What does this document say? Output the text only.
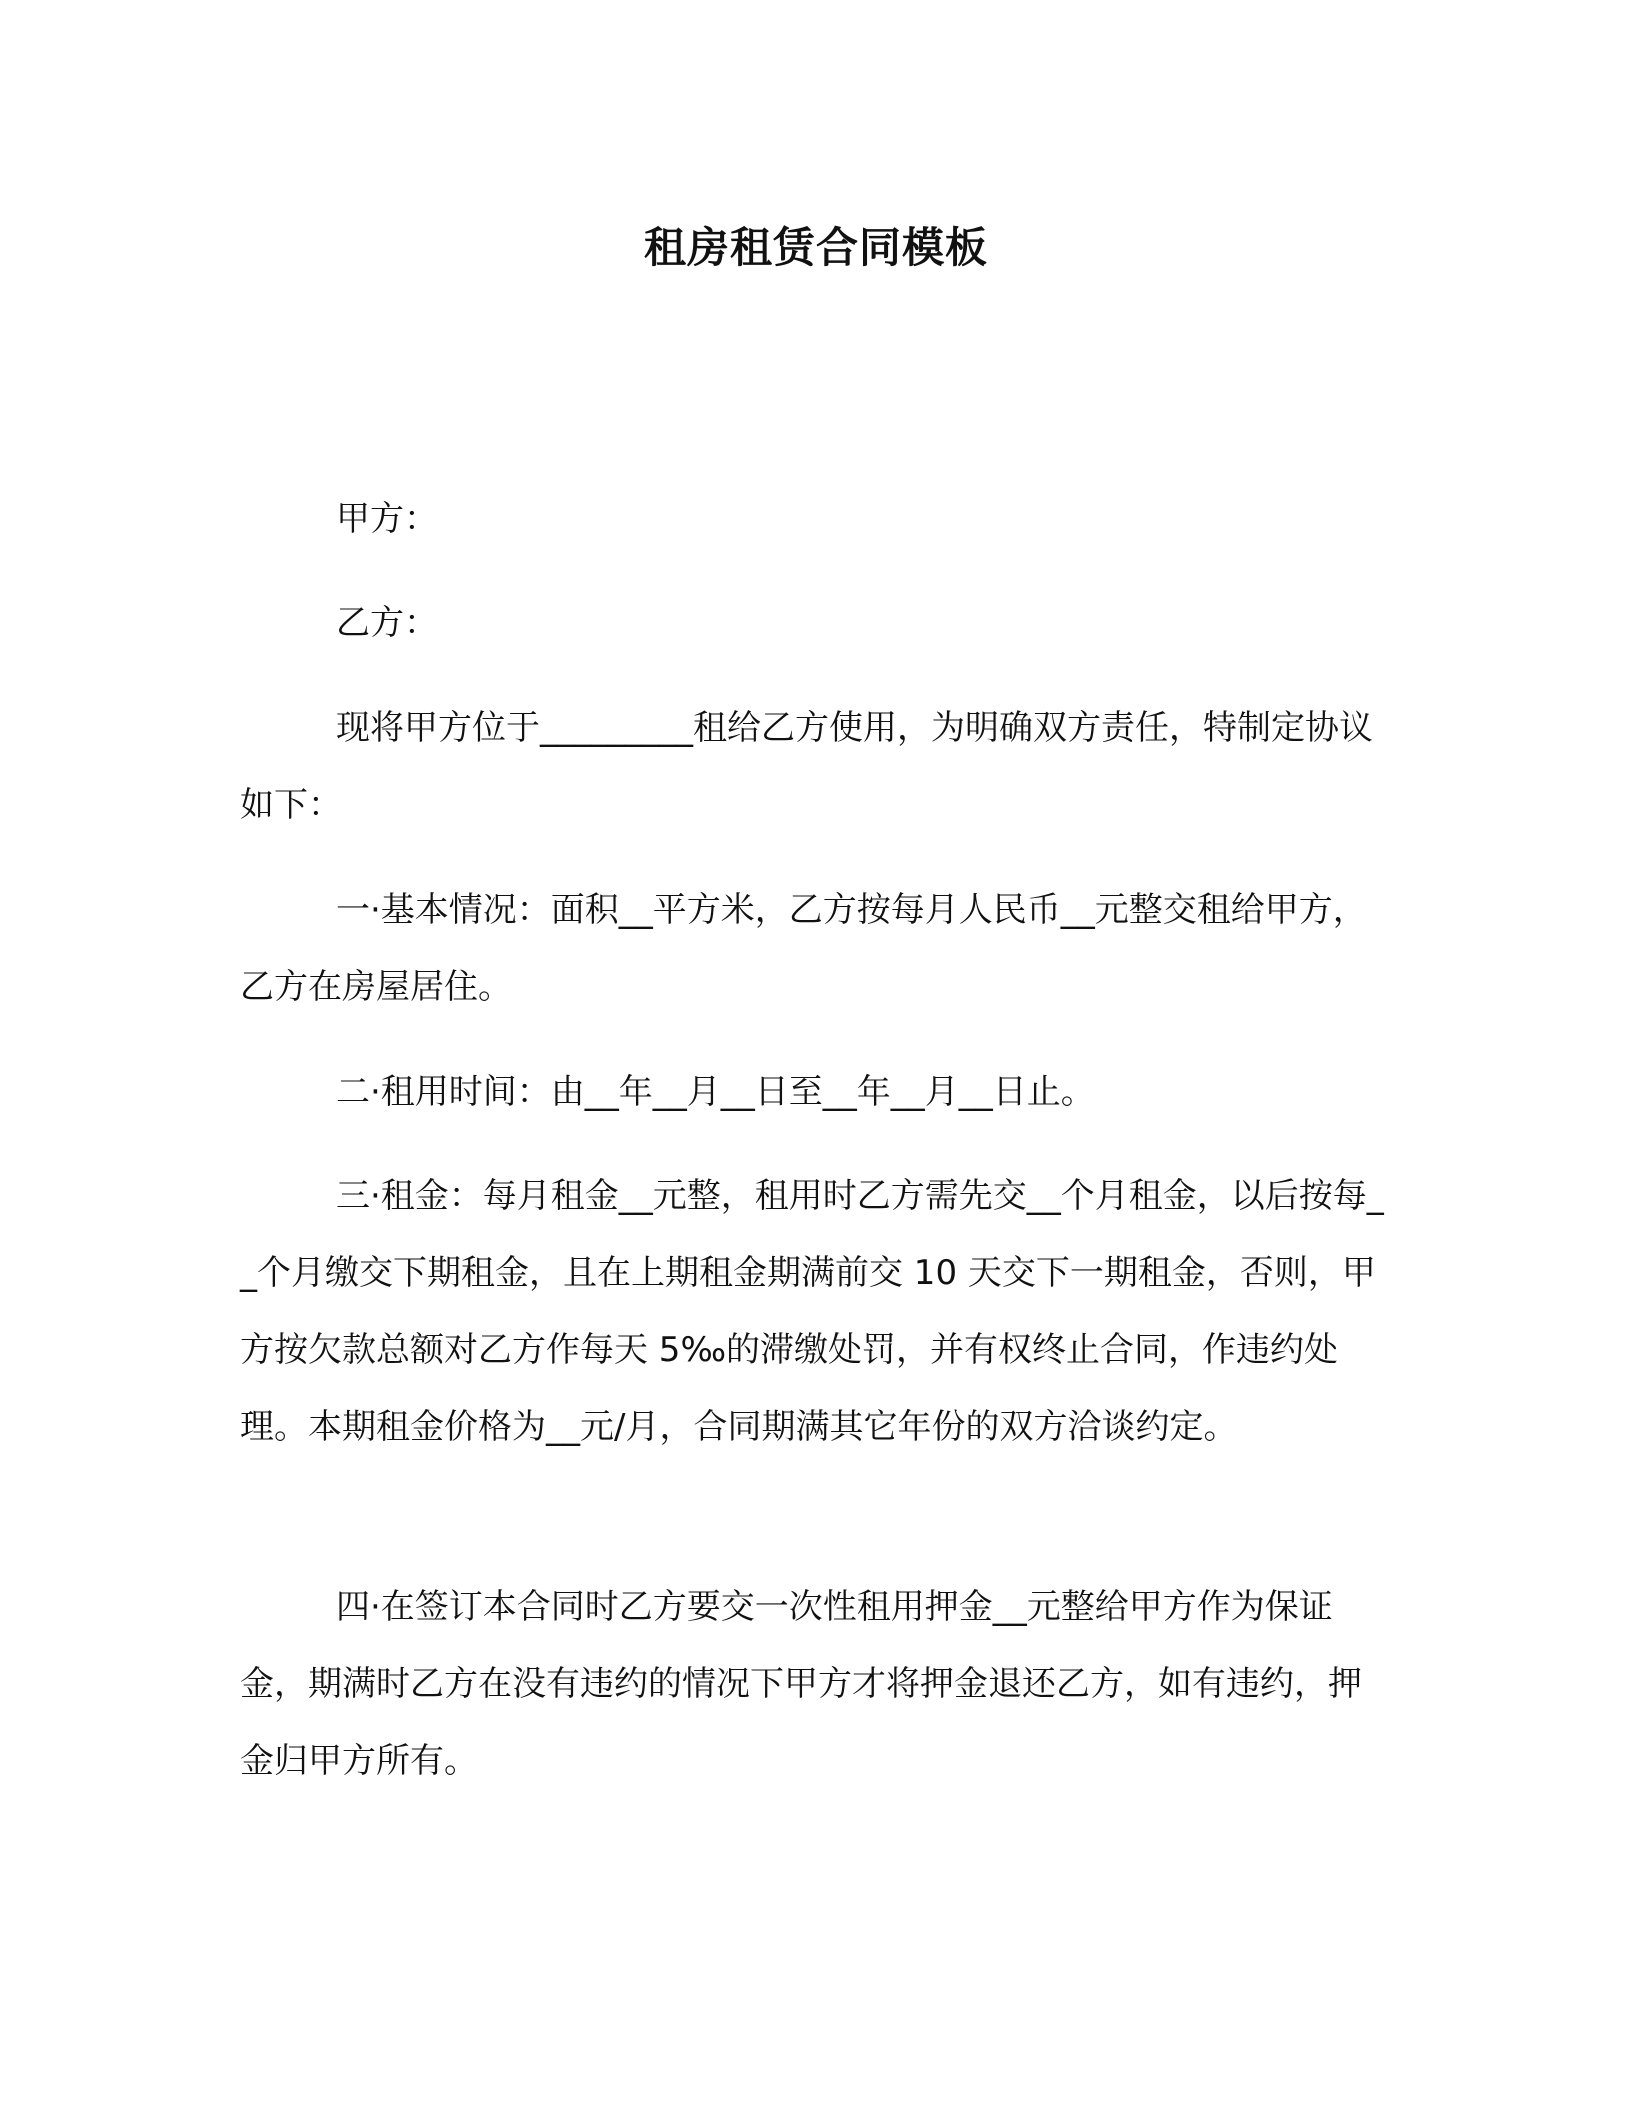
租房租赁合同模板

甲方：

乙方：

现将甲方位于_________租给乙方使用，为明确双方责任，特制定协议如下：

一·基本情况：面积__平方米，乙方按每月人民币__元整交租给甲方，乙方在房屋居住。

二·租用时间：由__年__月__日至__年__月__日止。

三·租金：每月租金__元整，租用时乙方需先交__个月租金，以后按每__个月缴交下期租金，且在上期租金期满前交 10 天交下一期租金，否则，甲方按欠款总额对乙方作每天 5‰的滞缴处罚，并有权终止合同，作违约处理。本期租金价格为__元/月，合同期满其它年份的双方洽谈约定。

四·在签订本合同时乙方要交一次性租用押金__元整给甲方作为保证金，期满时乙方在没有违约的情况下甲方才将押金退还乙方，如有违约，押金归甲方所有。
